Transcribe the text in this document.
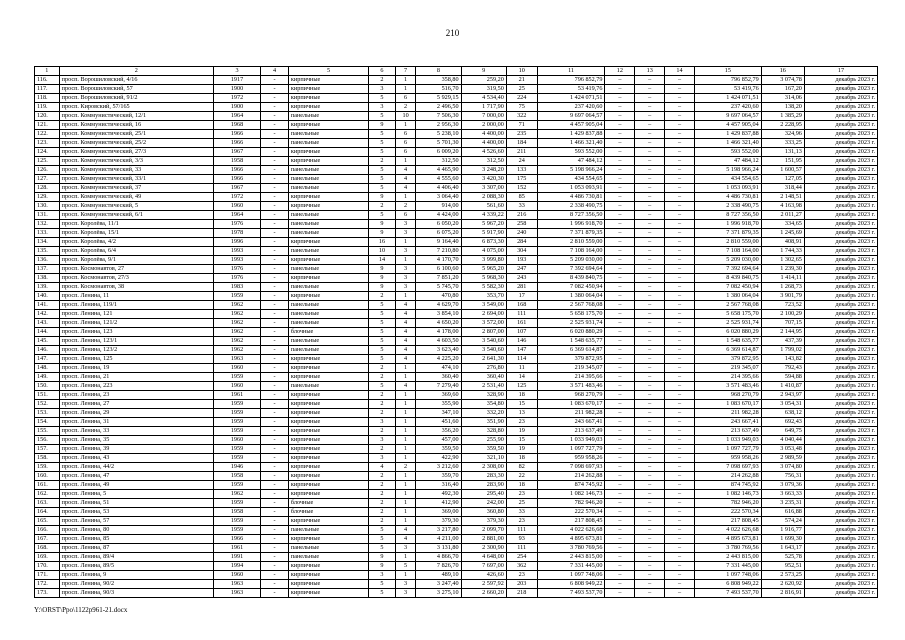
210
1	2	3	4	5	6	7	8	9	10	11	12	13	14	15	16	17
116.	просп. Ворошиловский, 4/16	1917	-	кирпичные	2	1	358,80	259,20	21	796 852,79	–	–	–	796 852,79	3 074,78	декабрь 2023 г.
117.	просп. Ворошиловский, 57	1900	-	кирпичные	3	1	516,70	319,50	25	53 419,76	–	–	–	53 419,76	167,20	декабрь 2023 г.
118.	просп. Ворошиловский, 91/2	1972	-	кирпичные	5	6	5 929,15	4 534,40	224	1 424 071,51	–	–	–	1 424 071,51	314,06	декабрь 2023 г.
119.	просп. Кировский, 57/165	1900	-	кирпичные	3	2	2 496,50	1 717,90	75	237 420,60	–	–	–	237 420,60	138,20	декабрь 2023 г.
120.	просп. Коммунистический, 12/1	1964	-	панельные	5	10	7 506,30	7 000,00	322	9 697 064,57	–	–	–	9 697 064,57	1 385,29	декабрь 2023 г.
121.	просп. Коммунистический, 16	1968	-	кирпичные	9	1	2 956,30	2 000,00	71	4 457 905,04	–	–	–	4 457 905,04	2 228,95	декабрь 2023 г.
122.	просп. Коммунистический, 25/1	1966	-	панельные	5	6	5 238,10	4 400,00	235	1 429 837,88	–	–	–	1 429 837,88	324,96	декабрь 2023 г.
123.	просп. Коммунистический, 25/2	1966	-	панельные	5	6	5 701,30	4 400,00	184	1 466 321,40	–	–	–	1 466 321,40	333,25	декабрь 2023 г.
124.	просп. Коммунистический, 27/3	1967	-	кирпичные	5	6	6 009,20	4 526,60	211	593 552,00	–	–	–	593 552,00	131,13	декабрь 2023 г.
125.	просп. Коммунистический, 3/3	1958	-	кирпичные	2	1	312,50	312,50	24	47 484,12	–	–	–	47 484,12	151,95	декабрь 2023 г.
126.	просп. Коммунистический, 33	1966	-	панельные	5	4	4 465,90	3 248,20	133	5 198 966,24	–	–	–	5 198 966,24	1 600,57	декабрь 2023 г.
127.	просп. Коммунистический, 33/1	1966	-	панельные	5	4	4 555,60	3 420,30	175	434 554,65	–	–	–	434 554,65	127,05	декабрь 2023 г.
128.	просп. Коммунистический, 37	1967	-	панельные	5	4	4 406,40	3 307,00	152	1 053 093,91	–	–	–	1 053 093,91	318,44	декабрь 2023 г.
129.	просп. Коммунистический, 49	1972	-	кирпичные	9	1	3 064,40	2 088,30	85	4 486 730,81	–	–	–	4 486 730,81	2 148,51	декабрь 2023 г.
130.	просп. Коммунистический, 5	1960	-	кирпичные	2	2	914,00	561,60	33	2 338 490,75	–	–	–	2 338 490,75	4 163,98	декабрь 2023 г.
131.	просп. Коммунистический, 6/1	1964	-	панельные	5	6	4 424,00	4 339,22	216	8 727 356,50	–	–	–	8 727 356,50	2 011,27	декабрь 2023 г.
132.	просп. Королёва, 11/1	1976	-	панельные	9	3	6 050,20	5 967,20	258	1 996 918,70	–	–	–	1 996 918,70	334,65	декабрь 2023 г.
133.	просп. Королёва, 15/1	1978	-	панельные	9	3	6 075,20	5 917,90	240	7 371 879,35	–	–	–	7 371 879,35	1 245,69	декабрь 2023 г.
134.	просп. Королёва, 4/2	1996	-	кирпичные	16	1	9 164,40	6 873,30	284	2 810 559,00	–	–	–	2 810 559,00	408,91	декабрь 2023 г.
135.	просп. Королёва, 6/4	1993	-	панельные	10	3	7 210,80	4 075,00	304	7 108 164,00	–	–	–	7 108 164,00	1 744,33	декабрь 2023 г.
136.	просп. Королёва, 9/1	1993	-	кирпичные	14	1	4 170,70	3 999,80	193	5 209 030,00	–	–	–	5 209 030,00	1 302,65	декабрь 2023 г.
137.	просп. Космонавтов, 27	1976	-	панельные	9	3	6 100,60	5 965,20	247	7 392 694,64	–	–	–	7 392 694,64	1 239,30	декабрь 2023 г.
138.	просп. Космонавтов, 27/3	1976	-	кирпичные	9	3	7 851,20	5 968,30	243	8 439 840,75	–	–	–	8 439 840,75	1 414,11	декабрь 2023 г.
139.	просп. Космонавтов, 38	1983	-	панельные	9	3	5 745,70	5 582,30	281	7 082 450,94	–	–	–	7 082 450,94	1 268,73	декабрь 2023 г.
140.	просп. Ленина, 11	1959	-	кирпичные	2	1	470,80	353,70	17	1 380 064,04	–	–	–	1 380 064,04	3 901,79	декабрь 2023 г.
141.	просп. Ленина, 119/1	1962	-	панельные	5	4	4 629,70	3 549,00	168	2 567 768,08	–	–	–	2 567 768,08	723,52	декабрь 2023 г.
142.	просп. Ленина, 121	1962	-	панельные	5	4	3 854,10	2 694,00	111	5 658 175,70	–	–	–	5 658 175,70	2 100,29	декабрь 2023 г.
143.	просп. Ленина, 121/2	1962	-	панельные	5	4	4 650,20	3 572,00	161	2 525 931,74	–	–	–	2 525 931,74	707,15	декабрь 2023 г.
144.	просп. Ленина, 123	1962	-	блочные	5	4	4 178,00	2 807,00	107	6 020 880,29	–	–	–	6 020 880,29	2 144,95	декабрь 2023 г.
145.	просп. Ленина, 123/1	1962	-	панельные	5	4	4 603,50	3 540,60	146	1 548 635,77	–	–	–	1 548 635,77	437,39	декабрь 2023 г.
146.	просп. Ленина, 123/2	1962	-	панельные	5	4	3 623,40	3 540,60	147	6 369 614,87	–	–	–	6 369 614,87	1 799,02	декабрь 2023 г.
147.	просп. Ленина, 125	1963	-	кирпичные	5	4	4 225,20	2 641,30	114	379 872,95	–	–	–	379 872,95	143,82	декабрь 2023 г.
148.	просп. Ленина, 19	1960	-	кирпичные	2	1	474,10	276,80	11	219 345,07	–	–	–	219 345,07	792,43	декабрь 2023 г.
149.	просп. Ленина, 21	1959	-	кирпичные	2	1	360,40	360,40	14	214 395,66	–	–	–	214 395,66	594,88	декабрь 2023 г.
150.	просп. Ленина, 223	1960	-	панельные	5	4	7 279,40	2 531,40	125	3 571 483,46	–	–	–	3 571 483,46	1 410,87	декабрь 2023 г.
151.	просп. Ленина, 23	1961	-	кирпичные	2	1	369,60	328,90	18	968 270,79	–	–	–	968 270,79	2 943,97	декабрь 2023 г.
152.	просп. Ленина, 27	1959	-	кирпичные	2	1	355,90	354,80	15	1 083 670,17	–	–	–	1 083 670,17	3 054,31	декабрь 2023 г.
153.	просп. Ленина, 29	1959	-	кирпичные	2	1	347,10	332,20	13	211 982,28	–	–	–	211 982,28	638,12	декабрь 2023 г.
154.	просп. Ленина, 31	1959	-	кирпичные	3	1	451,60	351,90	23	243 667,41	–	–	–	243 667,41	692,43	декабрь 2023 г.
155.	просп. Ленина, 33	1959	-	кирпичные	2	1	356,20	328,80	19	213 637,49	–	–	–	213 637,49	649,75	декабрь 2023 г.
156.	просп. Ленина, 35	1960	-	кирпичные	3	1	457,00	255,90	15	1 033 949,03	–	–	–	1 033 949,03	4 040,44	декабрь 2023 г.
157.	просп. Ленина, 39	1959	-	кирпичные	2	1	359,50	359,50	19	1 097 727,79	–	–	–	1 097 727,79	3 053,48	декабрь 2023 г.
158.	просп. Ленина, 43	1959	-	кирпичные	3	1	422,90	321,10	18	959 958,26	–	–	–	959 958,26	2 989,59	декабрь 2023 г.
159.	просп. Ленина, 44/2	1946	-	кирпичные	4	2	3 212,60	2 308,00	82	7 098 697,93	–	–	–	7 098 697,93	3 074,80	декабрь 2023 г.
160.	просп. Ленина, 47	1958	-	кирпичные	2	1	359,70	283,30	22	214 262,88	–	–	–	214 262,88	756,31	декабрь 2023 г.
161.	просп. Ленина, 49	1959	-	кирпичные	2	1	316,40	283,90	18	874 745,92	–	–	–	874 745,92	3 079,36	декабрь 2023 г.
162.	просп. Ленина, 5	1962	-	кирпичные	2	1	492,30	295,40	23	1 082 146,73	–	–	–	1 082 146,73	3 663,33	декабрь 2023 г.
163.	просп. Ленина, 51	1959	-	блочные	2	1	412,90	242,00	25	782 946,20	–	–	–	782 946,20	3 235,31	декабрь 2023 г.
164.	просп. Ленина, 53	1958	-	блочные	2	1	369,00	360,80	33	222 570,34	–	–	–	222 570,34	616,88	декабрь 2023 г.
165.	просп. Ленина, 57	1959	-	кирпичные	2	1	379,30	379,30	23	217 808,45	–	–	–	217 808,45	574,24	декабрь 2023 г.
166.	просп. Ленина, 80	1959	-	панельные	5	4	3 217,80	2 099,70	111	4 022 626,68	–	–	–	4 022 626,68	1 916,77	декабрь 2023 г.
167.	просп. Ленина, 85	1966	-	кирпичные	5	4	4 211,00	2 881,00	93	4 895 673,81	–	–	–	4 895 673,81	1 699,30	декабрь 2023 г.
168.	просп. Ленина, 87	1961	-	панельные	5	3	3 131,80	2 300,90	111	3 780 769,56	–	–	–	3 780 769,56	1 643,17	декабрь 2023 г.
169.	просп. Ленина, 89/4	1991	-	панельные	9	1	4 866,70	4 648,00	254	2 443 815,00	–	–	–	2 443 815,00	525,78	декабрь 2023 г.
170.	просп. Ленина, 89/5	1994	-	кирпичные	9	5	7 826,70	7 697,00	362	7 331 445,00	–	–	–	7 331 445,00	952,51	декабрь 2023 г.
171.	просп. Ленина, 9	1960	-	кирпичные	3	1	489,10	426,60	23	1 097 748,06	–	–	–	1 097 748,06	2 573,25	декабрь 2023 г.
172.	просп. Ленина, 90/2	1963	-	кирпичные	5	3	3 247,40	2 597,92	203	6 808 949,22	–	–	–	6 808 949,22	2 620,92	декабрь 2023 г.
173.	просп. Ленина, 90/3	1963	-	кирпичные	5	3	3 275,10	2 660,20	218	7 493 537,70	–	–	–	7 493 537,70	2 816,91	декабрь 2023 г.
Y:\ORST\Ppo\1122p961-21.docx
